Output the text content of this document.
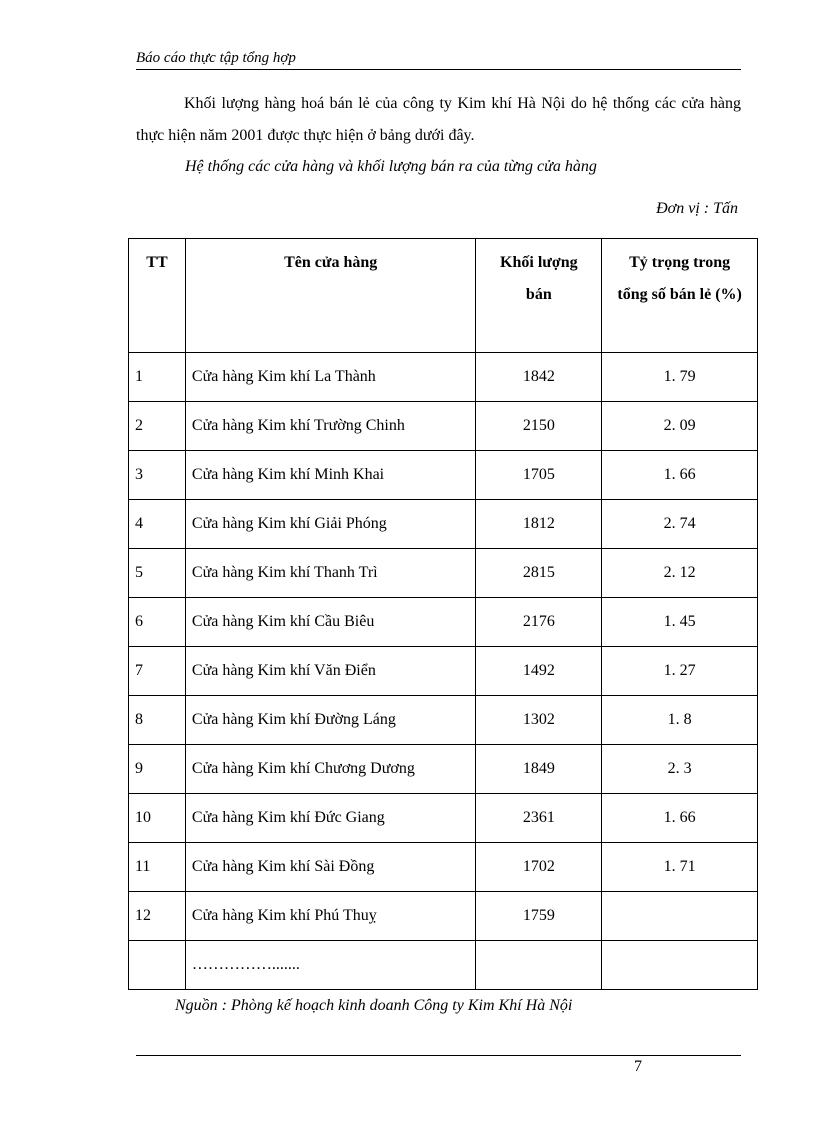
Báo cáo thực tập tổng hợp
Khối lượng hàng hoá bán lẻ của công ty Kim khí Hà Nội do hệ thống các cửa hàng thực hiện năm 2001 được thực hiện ở bảng dưới đây.
Hệ thống các cửa hàng và khối lượng bán ra của từng cửa hàng
Đơn vị : Tấn
TT	Tên cửa hàng	Khối lượng bán	Tỷ trọng trong tổng số bán lẻ (%)
1	Cửa hàng Kim khí La Thành	1842	1. 79
2	Cửa hàng Kim khí Trường Chinh	2150	2. 09
3	Cửa hàng Kim khí Minh Khai	1705	1. 66
4	Cửa hàng Kim khí Giải Phóng	1812	2. 74
5	Cửa hàng Kim khí Thanh Trì	2815	2. 12
6	Cửa hàng Kim khí Cầu Biêu	2176	1. 45
7	Cửa hàng Kim khí Văn Điển	1492	1. 27
8	Cửa hàng Kim khí Đường Láng	1302	1. 8
9	Cửa hàng Kim khí Chương Dương	1849	2. 3
10	Cửa hàng Kim khí Đức Giang	2361	1. 66
11	Cửa hàng Kim khí Sài Đồng	1702	1. 71
12	Cửa hàng Kim khí Phú Thuỵ	1759	
	…………….......		
Nguồn : Phòng kế hoạch kinh doanh Công ty Kim Khí Hà Nội
7
